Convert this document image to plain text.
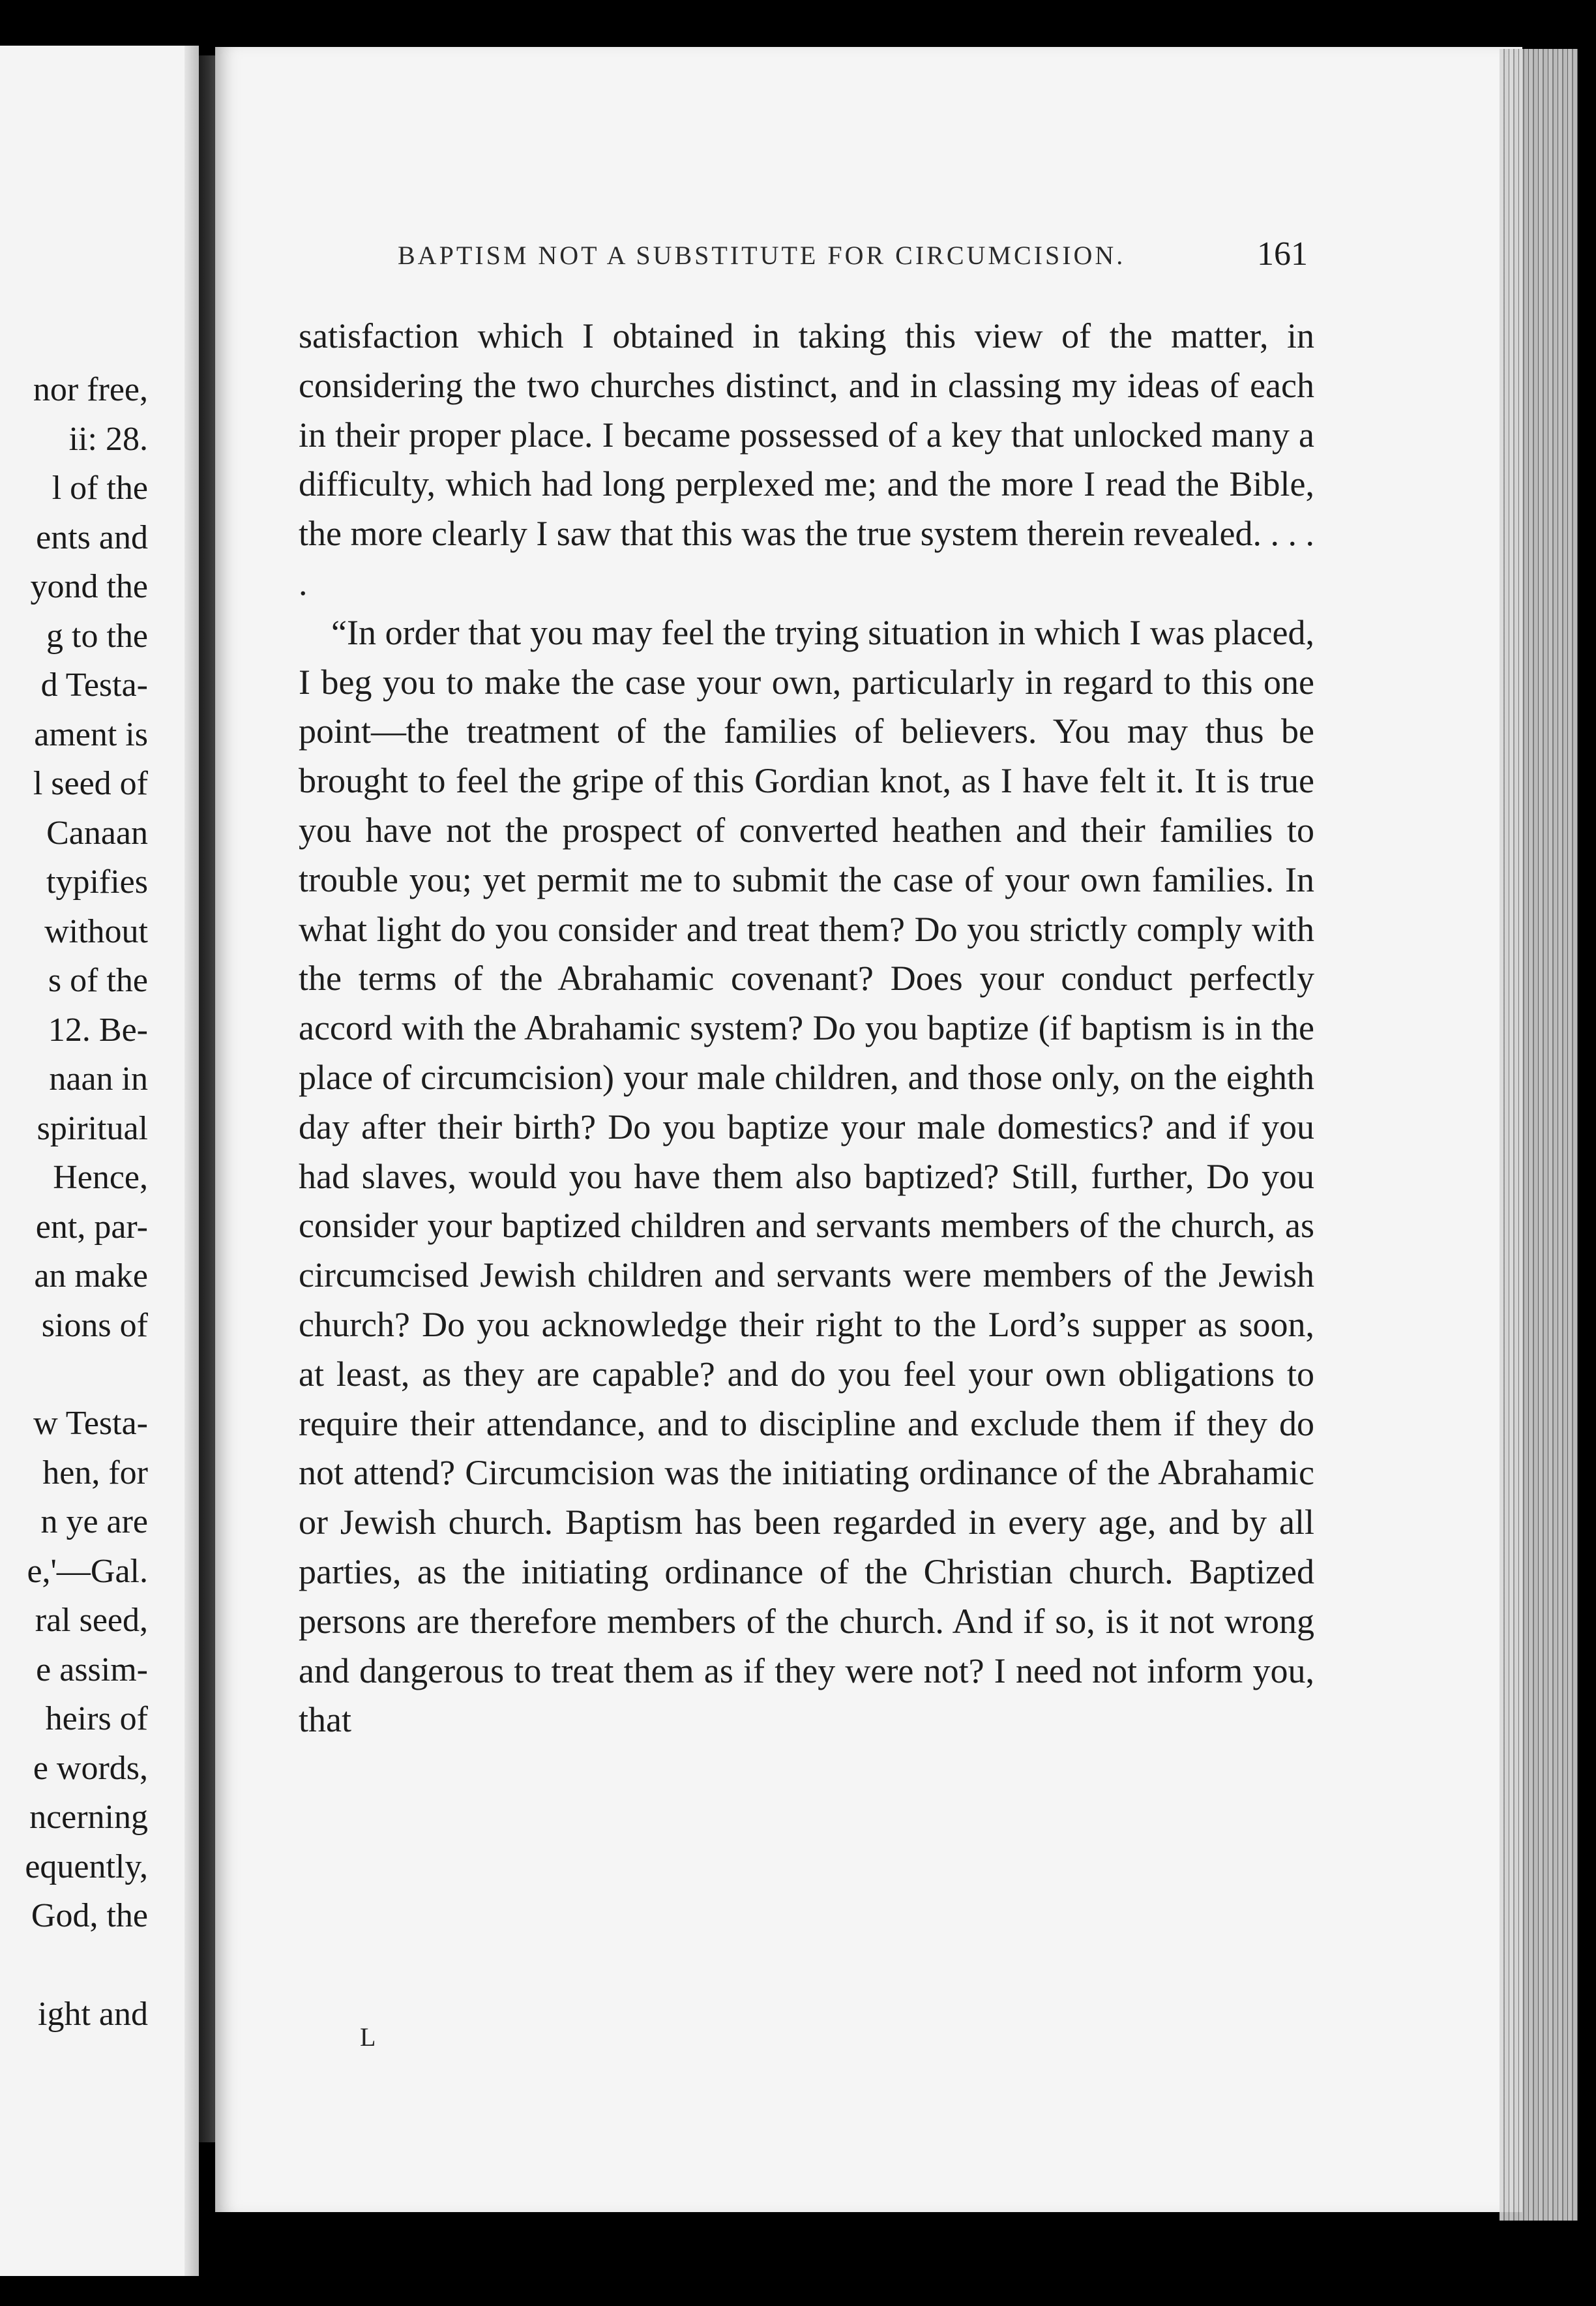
nor free,
ii: 28.
l of the
ents and
yond the
g to the
d Testa-
ament is
l seed of
Canaan
typifies
without
s of the
12. Be-
naan in
spiritual
Hence,
ent, par-
an make
sions of
w Testa-
hen, for
n ye are
e,'—Gal.
ral seed,
e assim-
heirs of
e words,
ncerning
equently,
God, the
ight and
BAPTISM NOT A SUBSTITUTE FOR CIRCUMCISION.	161

satisfaction which I obtained in taking this view of the matter, in considering the two churches distinct, and in classing my ideas of each in their proper place. I became possessed of a key that unlocked many a difficulty, which had long perplexed me; and the more I read the Bible, the more clearly I saw that this was the true system therein revealed. . . . .

“In order that you may feel the trying situation in which I was placed, I beg you to make the case your own, particularly in regard to this one point—the treatment of the families of believers. You may thus be brought to feel the gripe of this Gordian knot, as I have felt it. It is true you have not the prospect of converted heathen and their families to trouble you; yet permit me to submit the case of your own families. In what light do you consider and treat them? Do you strictly comply with the terms of the Abrahamic covenant? Does your conduct perfectly accord with the Abrahamic system? Do you baptize (if baptism is in the place of circumcision) your male children, and those only, on the eighth day after their birth? Do you baptize your male domestics? and if you had slaves, would you have them also baptized? Still, further, Do you consider your baptized children and servants members of the church, as circumcised Jewish children and servants were members of the Jewish church? Do you acknowledge their right to the Lord’s supper as soon, at least, as they are capable? and do you feel your own obligations to require their attendance, and to discipline and exclude them if they do not attend? Circumcision was the initiating ordinance of the Abrahamic or Jewish church. Baptism has been regarded in every age, and by all parties, as the initiating ordinance of the Christian church. Baptized persons are therefore members of the church. And if so, is it not wrong and dangerous to treat them as if they were not? I need not inform you, that

L
